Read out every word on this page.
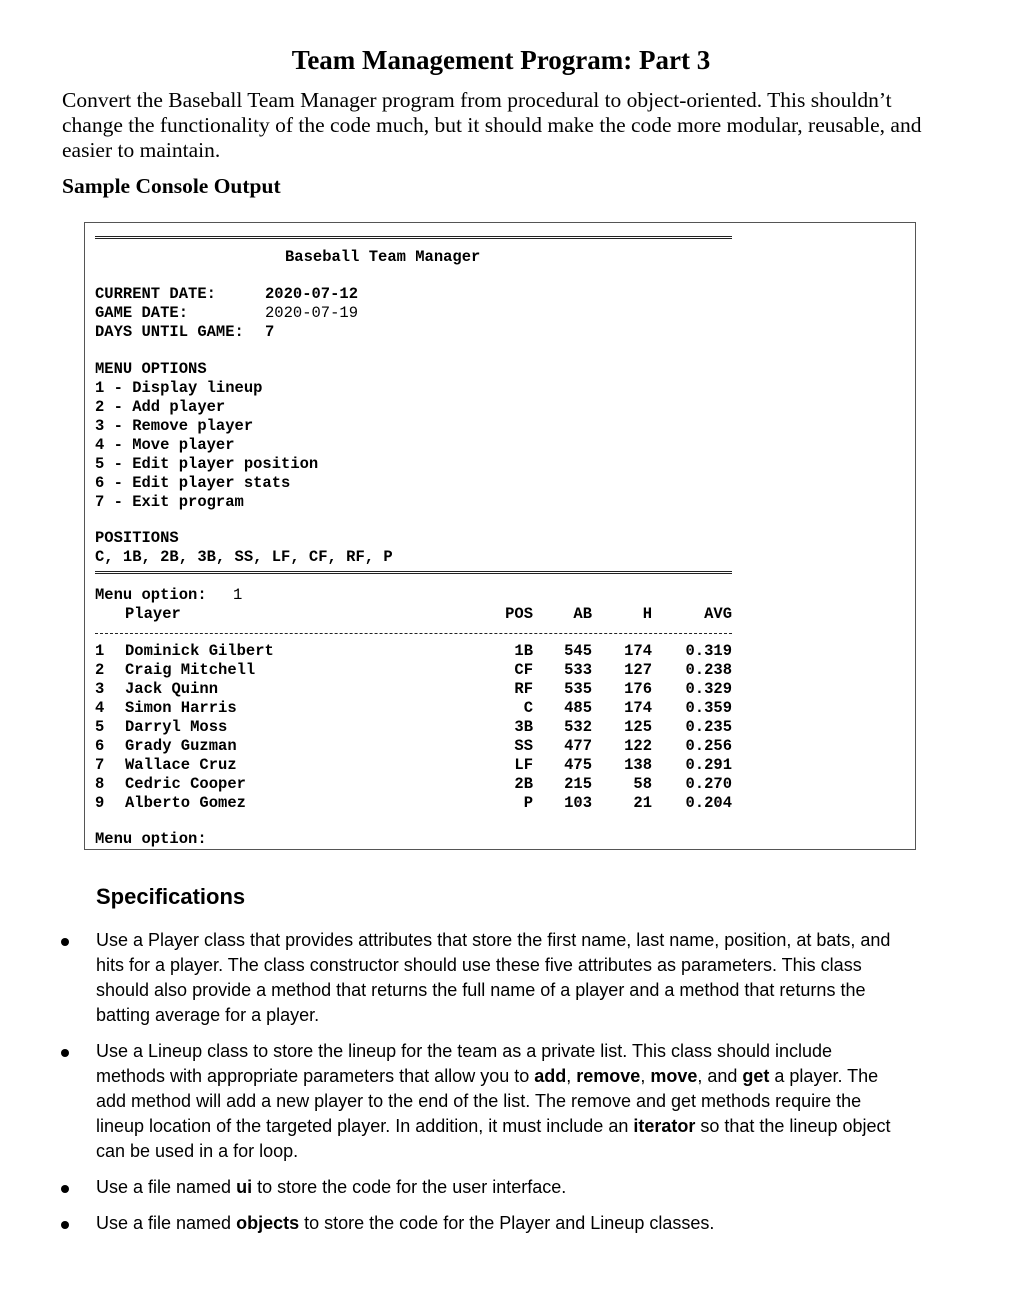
Team Management Program: Part 3
Convert the Baseball Team Manager program from procedural to object-oriented. This shouldn’t change the functionality of the code much, but it should make the code more modular, reusable, and easier to maintain.
Sample Console Output
Baseball Team Manager
CURRENT DATE:	2020-07-12
GAME DATE:	2020-07-19
DAYS UNTIL GAME: 7
MENU OPTIONS
1 - Display lineup
2 - Add player
3 - Remove player
4 - Move player
5 - Edit player position
6 - Edit player stats
7 - Exit program
POSITIONS
C, 1B, 2B, 3B, SS, LF, CF, RF, P
Menu option: 1
Player	POS	AB	H	AVG
1 Dominick Gilbert	1B	545	174	0.319
2 Craig Mitchell	CF	533	127	0.238
3 Jack Quinn	RF	535	176	0.329
4 Simon Harris	C	485	174	0.359
5 Darryl Moss	3B	532	125	0.235
6 Grady Guzman	SS	477	122	0.256
7 Wallace Cruz	LF	475	138	0.291
8 Cedric Cooper	2B	215	58	0.270
9 Alberto Gomez	P	103	21	0.204
Menu option:
Specifications
Use a Player class that provides attributes that store the first name, last name, position, at bats, and hits for a player. The class constructor should use these five attributes as parameters. This class should also provide a method that returns the full name of a player and a method that returns the batting average for a player.
Use a Lineup class to store the lineup for the team as a private list. This class should include methods with appropriate parameters that allow you to add, remove, move, and get a player. The add method will add a new player to the end of the list. The remove and get methods require the lineup location of the targeted player. In addition, it must include an iterator so that the lineup object can be used in a for loop.
Use a file named ui to store the code for the user interface.
Use a file named objects to store the code for the Player and Lineup classes.
